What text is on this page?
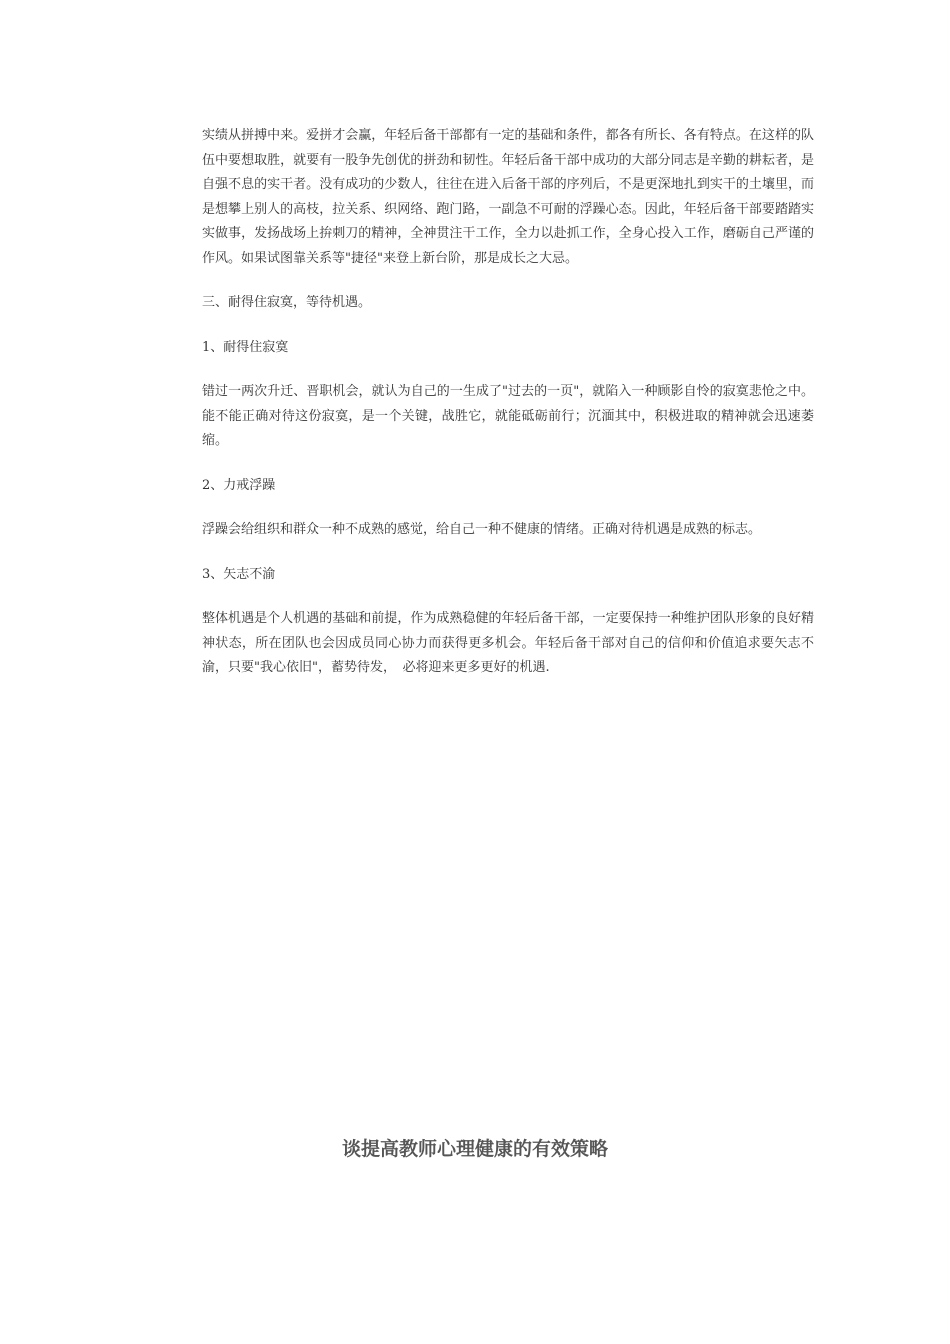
实绩从拼搏中来。爱拼才会赢，年轻后备干部都有一定的基础和条件，都各有所长、各有特点。在这样的队伍中要想取胜，就要有一股争先创优的拼劲和韧性。年轻后备干部中成功的大部分同志是辛勤的耕耘者，是自强不息的实干者。没有成功的少数人，往往在进入后备干部的序列后，不是更深地扎到实干的土壤里，而是想攀上别人的高枝，拉关系、织网络、跑门路，一副急不可耐的浮躁心态。因此，年轻后备干部要踏踏实实做事，发扬战场上拚刺刀的精神，全神贯注干工作，全力以赴抓工作，全身心投入工作，磨砺自己严谨的作风。如果试图靠关系等"捷径"来登上新台阶，那是成长之大忌。

三、耐得住寂寞，等待机遇。

1、耐得住寂寞

错过一两次升迁、晋职机会，就认为自己的一生成了"过去的一页"，就陷入一种顾影自怜的寂寞悲怆之中。能不能正确对待这份寂寞，是一个关键，战胜它，就能砥砺前行；沉湎其中，积极进取的精神就会迅速萎缩。

2、力戒浮躁

浮躁会给组织和群众一种不成熟的感觉，给自己一种不健康的情绪。正确对待机遇是成熟的标志。

3、矢志不渝

整体机遇是个人机遇的基础和前提，作为成熟稳健的年轻后备干部，一定要保持一种维护团队形象的良好精神状态，所在团队也会因成员同心协力而获得更多机会。年轻后备干部对自己的信仰和价值追求要矢志不渝，只要"我心依旧"，蓄势待发，　必将迎来更多更好的机遇.

谈提高教师心理健康的有效策略
